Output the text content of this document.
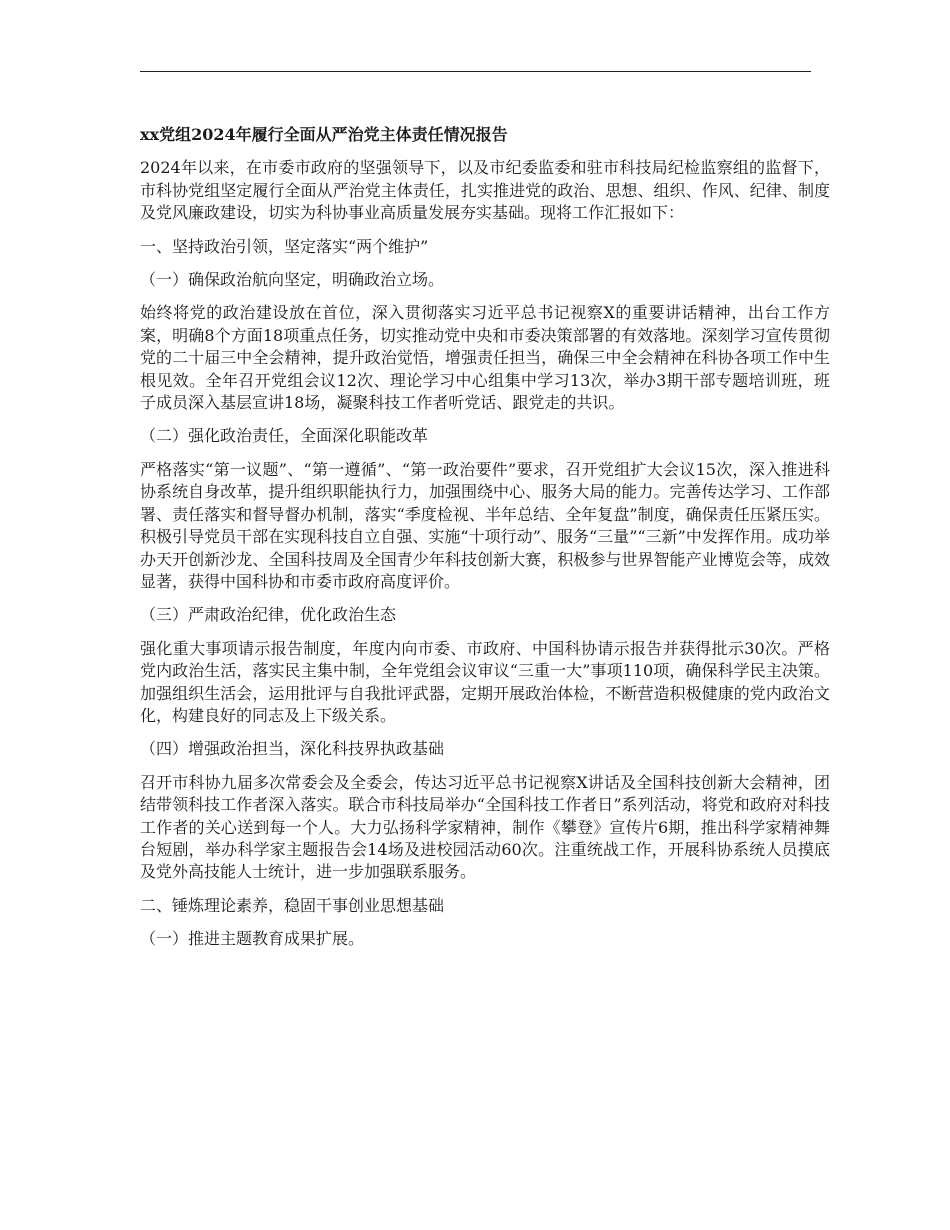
xx党组2024年履行全面从严治党主体责任情况报告

2024年以来，在市委市政府的坚强领导下，以及市纪委监委和驻市科技局纪检监察组的监督下，市科协党组坚定履行全面从严治党主体责任，扎实推进党的政治、思想、组织、作风、纪律、制度及党风廉政建设，切实为科协事业高质量发展夯实基础。现将工作汇报如下：

一、坚持政治引领，坚定落实“两个维护”

（一）确保政治航向坚定，明确政治立场。

始终将党的政治建设放在首位，深入贯彻落实习近平总书记视察X的重要讲话精神，出台工作方案，明确8个方面18项重点任务，切实推动党中央和市委决策部署的有效落地。深刻学习宣传贯彻党的二十届三中全会精神，提升政治觉悟，增强责任担当，确保三中全会精神在科协各项工作中生根见效。全年召开党组会议12次、理论学习中心组集中学习13次，举办3期干部专题培训班，班子成员深入基层宣讲18场，凝聚科技工作者听党话、跟党走的共识。

（二）强化政治责任，全面深化职能改革

严格落实“第一议题”、“第一遵循”、“第一政治要件”要求，召开党组扩大会议15次，深入推进科协系统自身改革，提升组织职能执行力，加强围绕中心、服务大局的能力。完善传达学习、工作部署、责任落实和督导督办机制，落实“季度检视、半年总结、全年复盘”制度，确保责任压紧压实。积极引导党员干部在实现科技自立自强、实施“十项行动”、服务“三量”“三新”中发挥作用。成功举办天开创新沙龙、全国科技周及全国青少年科技创新大赛，积极参与世界智能产业博览会等，成效显著，获得中国科协和市委市政府高度评价。

（三）严肃政治纪律，优化政治生态

强化重大事项请示报告制度，年度内向市委、市政府、中国科协请示报告并获得批示30次。严格党内政治生活，落实民主集中制，全年党组会议审议“三重一大”事项110项，确保科学民主决策。加强组织生活会，运用批评与自我批评武器，定期开展政治体检，不断营造积极健康的党内政治文化，构建良好的同志及上下级关系。

（四）增强政治担当，深化科技界执政基础

召开市科协九届多次常委会及全委会，传达习近平总书记视察X讲话及全国科技创新大会精神，团结带领科技工作者深入落实。联合市科技局举办“全国科技工作者日”系列活动，将党和政府对科技工作者的关心送到每一个人。大力弘扬科学家精神，制作《攀登》宣传片6期，推出科学家精神舞台短剧，举办科学家主题报告会14场及进校园活动60次。注重统战工作，开展科协系统人员摸底及党外高技能人士统计，进一步加强联系服务。

二、锤炼理论素养，稳固干事创业思想基础

（一）推进主题教育成果扩展。
